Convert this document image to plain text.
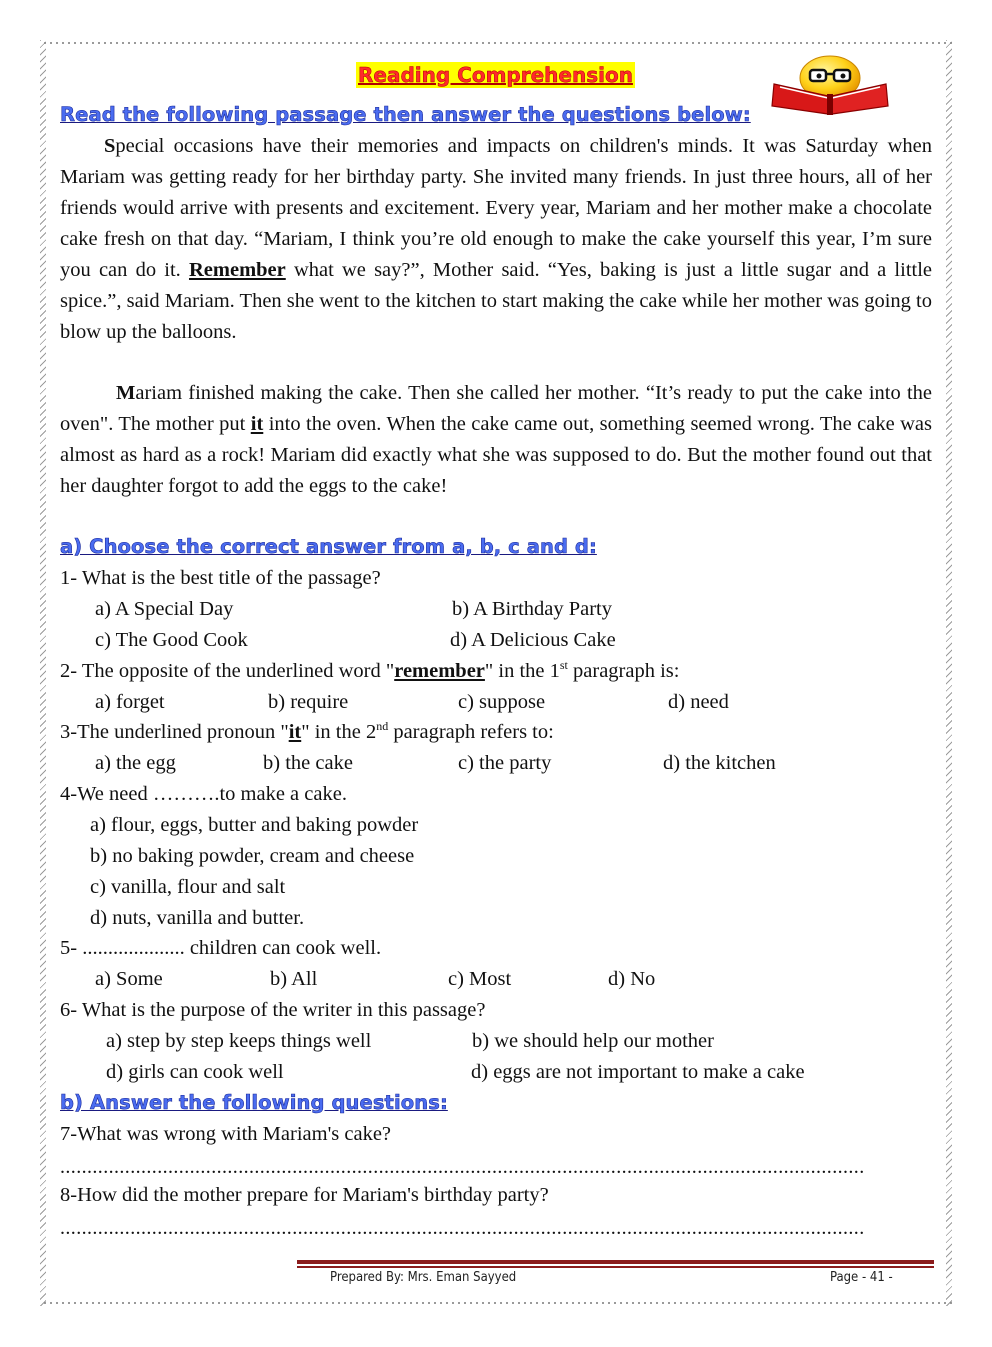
Reading Comprehension
Read the following passage then answer the questions below:
Special occasions have their memories and impacts on children's minds. It was Saturday when Mariam was getting ready for her birthday party. She invited many friends. In just three hours, all of her friends would arrive with presents and excitement. Every year, Mariam and her mother make a chocolate cake fresh on that day. “Mariam, I think you’re old enough to make the cake yourself this year, I’m sure you can do it. Remember what we say?”, Mother said. “Yes, baking is just a little sugar and a little spice.”, said Mariam. Then she went to the kitchen to start making the cake while her mother was going to blow up the balloons.
Mariam finished making the cake. Then she called her mother. “It’s ready to put the cake into the oven". The mother put it into the oven. When the cake came out, something seemed wrong. The cake was almost as hard as a rock! Mariam did exactly what she was supposed to do. But the mother found out that her daughter forgot to add the eggs to the cake!
a) Choose the correct answer from a, b, c and d:
1- What is the best title of the passage?
a) A Special Day	b) A Birthday Party
c) The Good Cook	d) A Delicious Cake
2- The opposite of the underlined word "remember" in the 1st paragraph is:
a) forget	b) require	c) suppose	d) need
3-The underlined pronoun "it" in the 2nd paragraph refers to:
a) the egg	b) the cake	c) the party	d) the kitchen
4-We need ……….to make a cake.
a) flour, eggs, butter and baking powder
b) no baking powder, cream and cheese
c) vanilla, flour and salt
d) nuts, vanilla and butter.
5- .................... children can cook well.
a) Some	b) All	c) Most	d) No
6- What is the purpose of the writer in this passage?
a) step by step keeps things well	b) we should help our mother
d) girls can cook well	d) eggs are not important to make a cake
b) Answer the following questions:
7-What was wrong with Mariam's cake?
.....................................................................................................................................................
8-How did the mother prepare for Mariam's birthday party?
.....................................................................................................................................................
Prepared By: Mrs. Eman Sayyed	Page - 41 -
